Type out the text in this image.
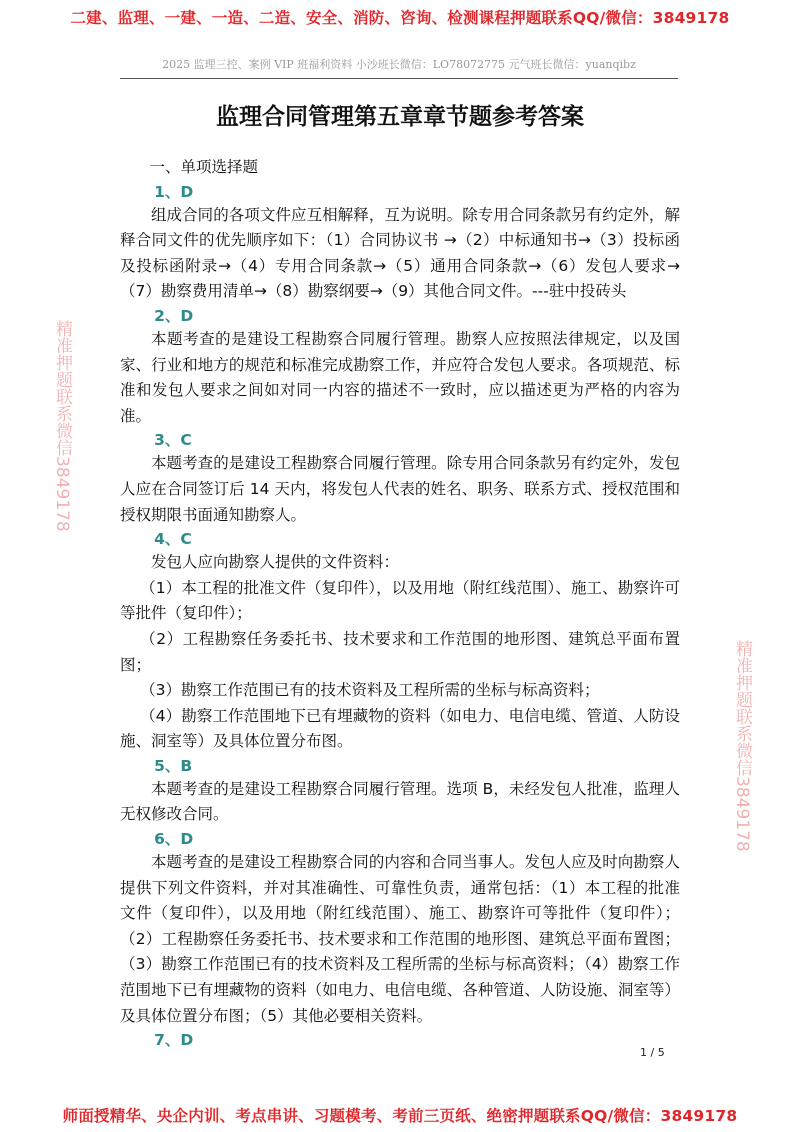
二建、监理、一建、一造、二造、安全、消防、咨询、检测课程押题联系QQ/微信：3849178
2025 监理三控、案例 VIP 班福利资料 小沙班长微信：LO78072775 元气班长微信：yuanqibz
监理合同管理第五章章节题参考答案

一、单项选择题

1、D

组成合同的各项文件应互相解释，互为说明。除专用合同条款另有约定外，解释合同文件的优先顺序如下：（1）合同协议书 →（2）中标通知书→（3）投标函及投标函附录→（4）专用合同条款→（5）通用合同条款→（6）发包人要求→（7）勘察费用清单→（8）勘察纲要→（9）其他合同文件。---驻中投砖头

2、D

本题考查的是建设工程勘察合同履行管理。勘察人应按照法律规定，以及国家、行业和地方的规范和标准完成勘察工作，并应符合发包人要求。各项规范、标准和发包人要求之间如对同一内容的描述不一致时，应以描述更为严格的内容为准。

3、C

本题考查的是建设工程勘察合同履行管理。除专用合同条款另有约定外，发包人应在合同签订后 14 天内，将发包人代表的姓名、职务、联系方式、授权范围和授权期限书面通知勘察人。

4、C

发包人应向勘察人提供的文件资料：

（1）本工程的批准文件（复印件），以及用地（附红线范围）、施工、勘察许可等批件（复印件）；

（2）工程勘察任务委托书、技术要求和工作范围的地形图、建筑总平面布置图；

（3）勘察工作范围已有的技术资料及工程所需的坐标与标高资料；

（4）勘察工作范围地下已有埋藏物的资料（如电力、电信电缆、管道、人防设施、洞室等）及具体位置分布图。

5、B

本题考查的是建设工程勘察合同履行管理。选项 B，未经发包人批准，监理人无权修改合同。

6、D

本题考查的是建设工程勘察合同的内容和合同当事人。发包人应及时向勘察人提供下列文件资料，并对其准确性、可靠性负责，通常包括：（1）本工程的批准文件（复印件），以及用地（附红线范围）、施工、勘察许可等批件（复印件）；（2）工程勘察任务委托书、技术要求和工作范围的地形图、建筑总平面布置图；（3）勘察工作范围已有的技术资料及工程所需的坐标与标高资料；（4）勘察工作范围地下已有埋藏物的资料（如电力、电信电缆、各种管道、人防设施、洞室等）及具体位置分布图；（5）其他必要相关资料。

7、D

精准押题联系微信3849178
精准押题联系微信3849178
1 / 5
师面授精华、央企内训、考点串讲、习题模考、考前三页纸、绝密押题联系QQ/微信：3849178
